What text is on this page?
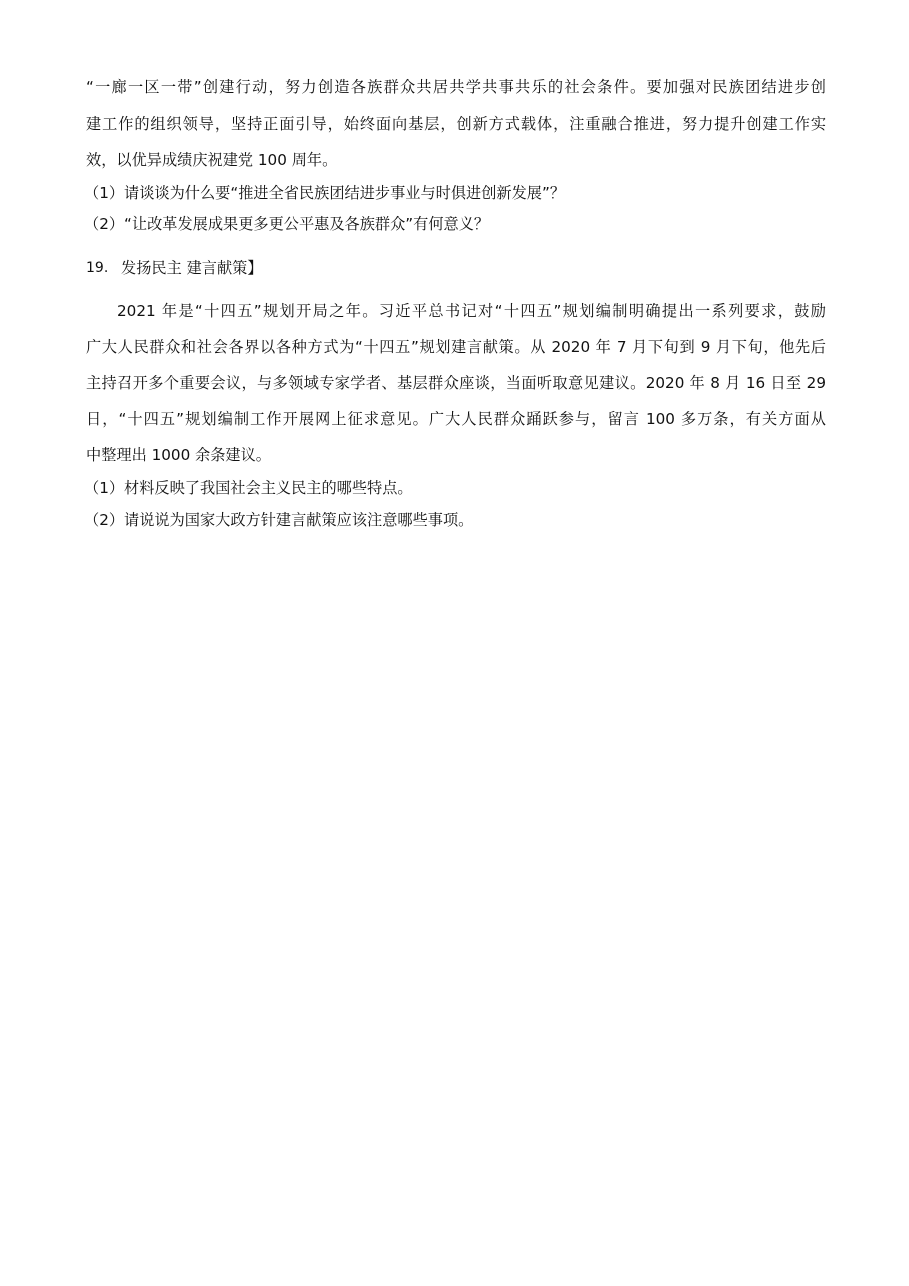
“一廊一区一带”创建行动，努力创造各族群众共居共学共事共乐的社会条件。要加强对民族团结进步创
建工作的组织领导，坚持正面引导，始终面向基层，创新方式载体，注重融合推进，努力提升创建工作实
效，以优异成绩庆祝建党 100 周年。
（1）请谈谈为什么要“推进全省民族团结进步事业与时俱进创新发展”？
（2）“让改革发展成果更多更公平惠及各族群众”有何意义？
19. 发扬民主 建言献策】
2021 年是“十四五”规划开局之年。习近平总书记对“十四五”规划编制明确提出一系列要求，鼓励
广大人民群众和社会各界以各种方式为“十四五”规划建言献策。从 2020 年 7 月下旬到 9 月下旬，他先后
主持召开多个重要会议，与多领域专家学者、基层群众座谈，当面听取意见建议。2020 年 8 月 16 日至 29
日，“十四五”规划编制工作开展网上征求意见。广大人民群众踊跃参与，留言 100 多万条，有关方面从
中整理出 1000 余条建议。
（1）材料反映了我国社会主义民主的哪些特点。
（2）请说说为国家大政方针建言献策应该注意哪些事项。
